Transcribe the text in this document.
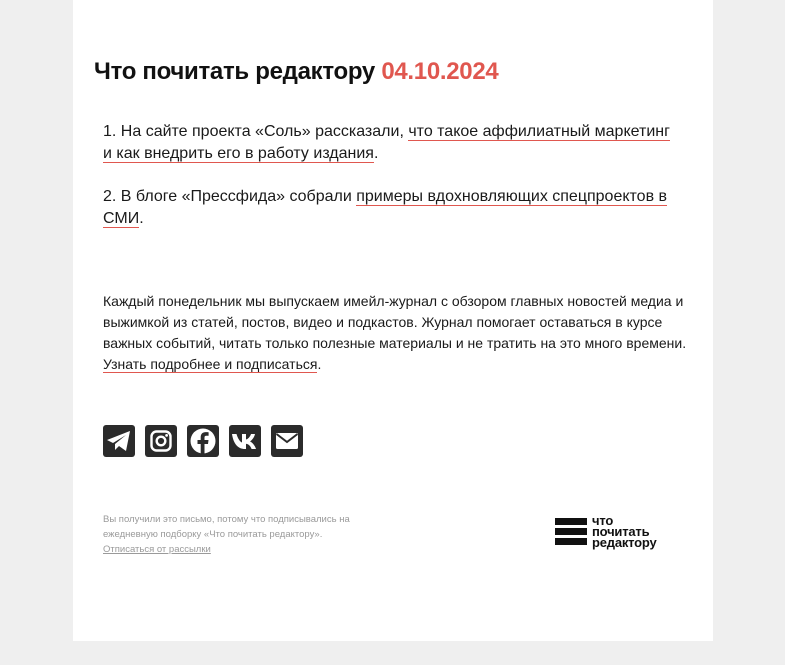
Что почитать редактору 04.10.2024

1. На сайте проекта «Соль» рассказали, что такое аффилиатный маркетинг и как внедрить его в работу издания.

2. В блоге «Прессфида» собрали примеры вдохновляющих спецпроектов в СМИ.

Каждый понедельник мы выпускаем имейл-журнал с обзором главных новостей медиа и выжимкой из статей, постов, видео и подкастов. Журнал помогает оставаться в курсе важных событий, читать только полезные материалы и не тратить на это много времени. Узнать подробнее и подписаться.
Вы получили это письмо, потому что подписывались на ежедневную подборку «Что почитать редактору».
Отписаться от рассылки
что
почитать
редактору
